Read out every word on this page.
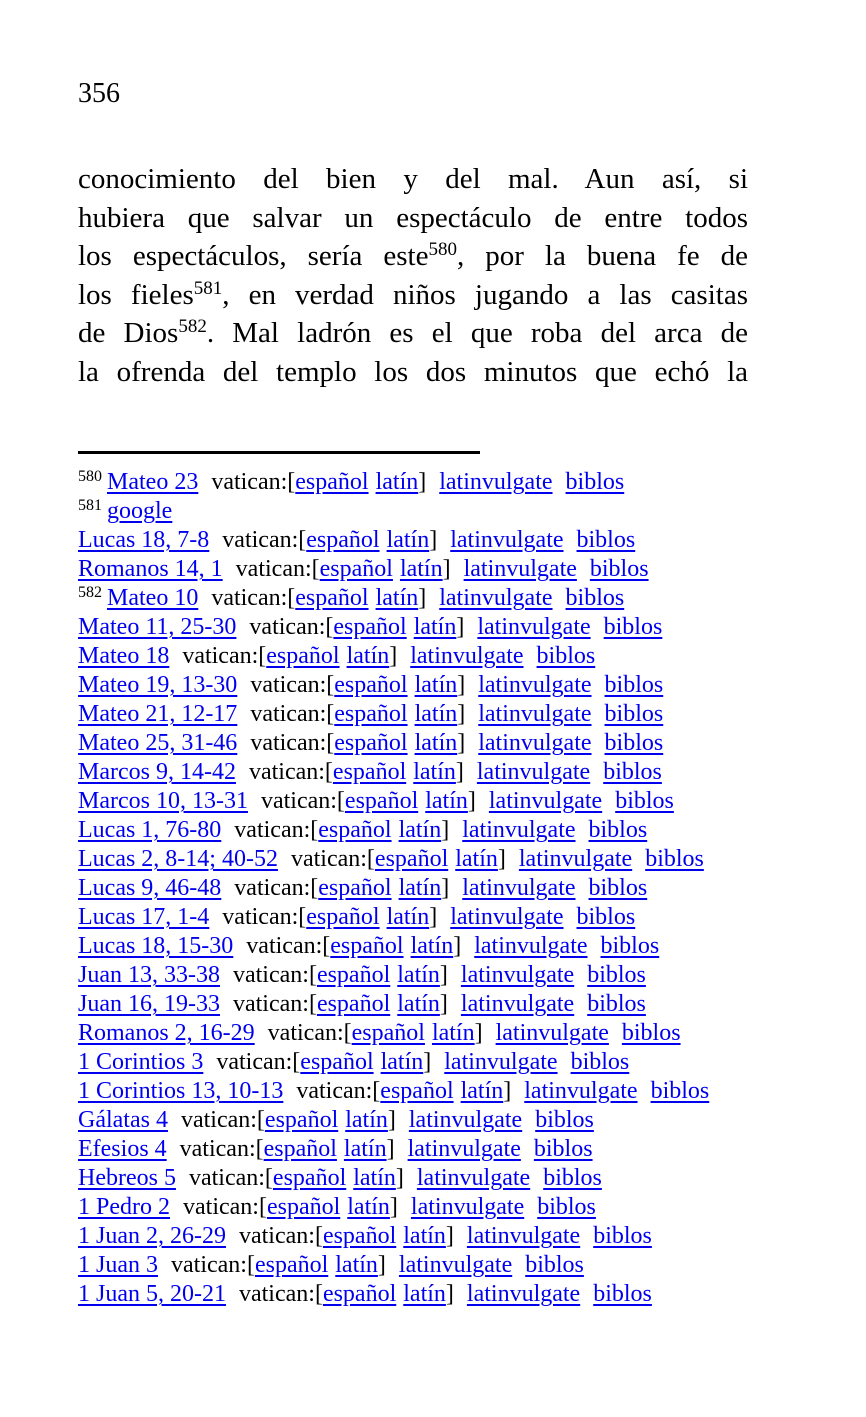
356
conocimiento del bien y del mal. Aun así, si
hubiera que salvar un espectáculo de entre todos
los espectáculos, sería este$^{580}$, por la buena fe de
los fieles$^{581}$, en verdad niños jugando a las casitas
de Dios$^{582}$. Mal ladrón es el que roba del arca de
la ofrenda del templo los dos minutos que echó la
$^{580}$ Mateo 23 vatican:[español latín] latinvulgate biblos
$^{581}$ google
Lucas 18, 7-8 vatican:[español latín] latinvulgate biblos
Romanos 14, 1 vatican:[español latín] latinvulgate biblos
$^{582}$ Mateo 10 vatican:[español latín] latinvulgate biblos
Mateo 11, 25-30 vatican:[español latín] latinvulgate biblos
Mateo 18 vatican:[español latín] latinvulgate biblos
Mateo 19, 13-30 vatican:[español latín] latinvulgate biblos
Mateo 21, 12-17 vatican:[español latín] latinvulgate biblos
Mateo 25, 31-46 vatican:[español latín] latinvulgate biblos
Marcos 9, 14-42 vatican:[español latín] latinvulgate biblos
Marcos 10, 13-31 vatican:[español latín] latinvulgate biblos
Lucas 1, 76-80 vatican:[español latín] latinvulgate biblos
Lucas 2, 8-14; 40-52 vatican:[español latín] latinvulgate biblos
Lucas 9, 46-48 vatican:[español latín] latinvulgate biblos
Lucas 17, 1-4 vatican:[español latín] latinvulgate biblos
Lucas 18, 15-30 vatican:[español latín] latinvulgate biblos
Juan 13, 33-38 vatican:[español latín] latinvulgate biblos
Juan 16, 19-33 vatican:[español latín] latinvulgate biblos
Romanos 2, 16-29 vatican:[español latín] latinvulgate biblos
1 Corintios 3 vatican:[español latín] latinvulgate biblos
1 Corintios 13, 10-13 vatican:[español latín] latinvulgate biblos
Gálatas 4 vatican:[español latín] latinvulgate biblos
Efesios 4 vatican:[español latín] latinvulgate biblos
Hebreos 5 vatican:[español latín] latinvulgate biblos
1 Pedro 2 vatican:[español latín] latinvulgate biblos
1 Juan 2, 26-29 vatican:[español latín] latinvulgate biblos
1 Juan 3 vatican:[español latín] latinvulgate biblos
1 Juan 5, 20-21 vatican:[español latín] latinvulgate biblos
